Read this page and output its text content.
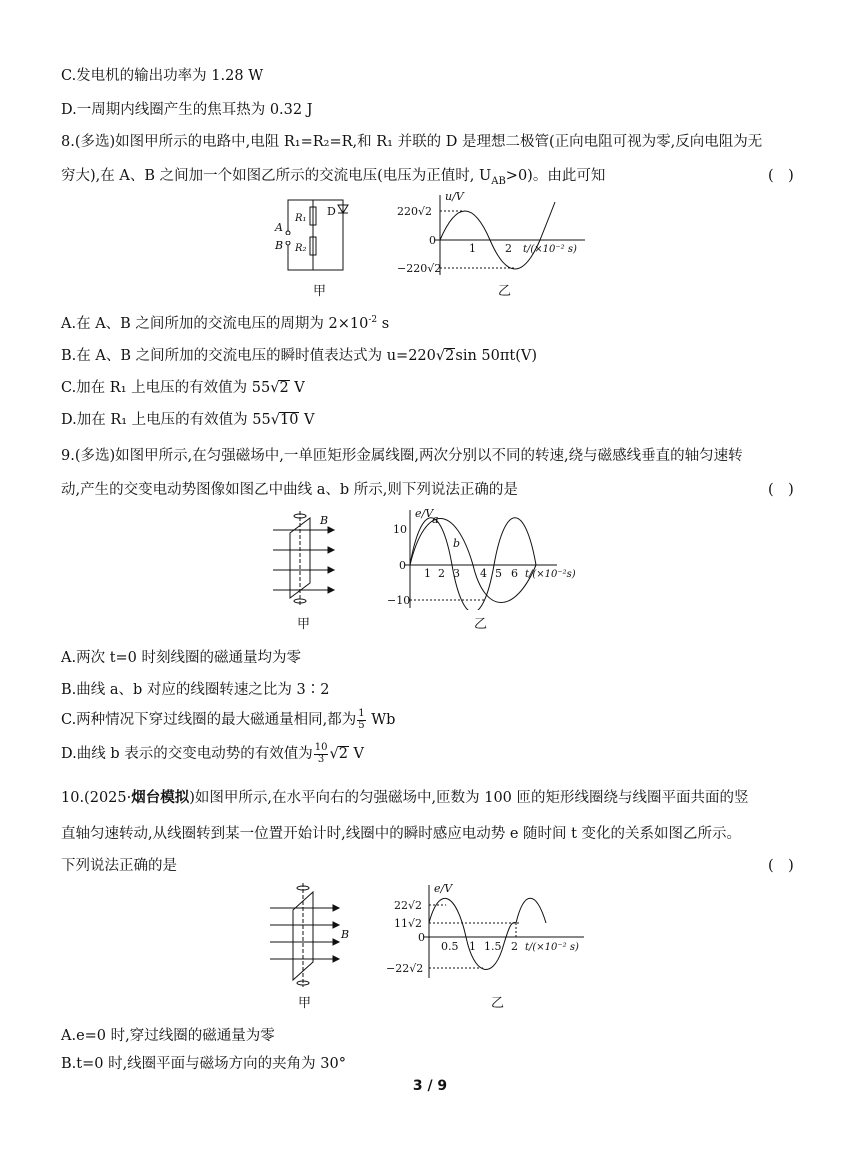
C.发电机的输出功率为 1.28 W
D.一周期内线圈产生的焦耳热为 0.32 J
8.(多选)如图甲所示的电路中,电阻 R₁=R₂=R,和 R₁ 并联的 D 是理想二极管(正向电阻可视为零,反向电阻为无
穷大),在 A、B 之间加一个如图乙所示的交流电压(电压为正值时, $U_{AB}>0$)。由此可知	(　)
A
B
R₁
R₂
D
甲
u/V
220√2
0
−220√2
1	2 t/(×10⁻² s)
乙
A.在 A、B 之间所加的交流电压的周期为 $2\times 10^{-2}$ s
B.在 A、B 之间所加的交流电压的瞬时值表达式为 u=220√2sin 50πt(V)
C.加在 R₁ 上电压的有效值为 55√2 V
D.加在 R₁ 上电压的有效值为 55√10 V
9.(多选)如图甲所示,在匀强磁场中,一单匝矩形金属线圈,两次分别以不同的转速,绕与磁感线垂直的轴匀速转
动,产生的交变电动势图像如图乙中曲线 a、b 所示,则下列说法正确的是	(　)
B
甲
e/V
10
0
−10
a
b
1 2 3 4 5 6 t/(×10⁻²s)
乙
A.两次 t=0 时刻线圈的磁通量均为零
B.曲线 a、b 对应的线圈转速之比为 3∶2
C.两种情况下穿过线圈的最大磁通量相同,都为 $\frac{1}{5}$ Wb
D.曲线 b 表示的交变电动势的有效值为 $\frac{10}{3} √2$ V
10.(2025·烟台模拟)如图甲所示,在水平向右的匀强磁场中,匝数为 100 匝的矩形线圈绕与线圈平面共面的竖
直轴匀速转动,从线圈转到某一位置开始计时,线圈中的瞬时感应电动势 e 随时间 t 变化的关系如图乙所示。
下列说法正确的是	(　)
B
甲
e/V
22√2
11√2
0
−22√2
0.5 1 1.5 2 t/(×10⁻² s)
乙
A.e=0 时,穿过线圈的磁通量为零
B.t=0 时,线圈平面与磁场方向的夹角为 30°
3 / 9
